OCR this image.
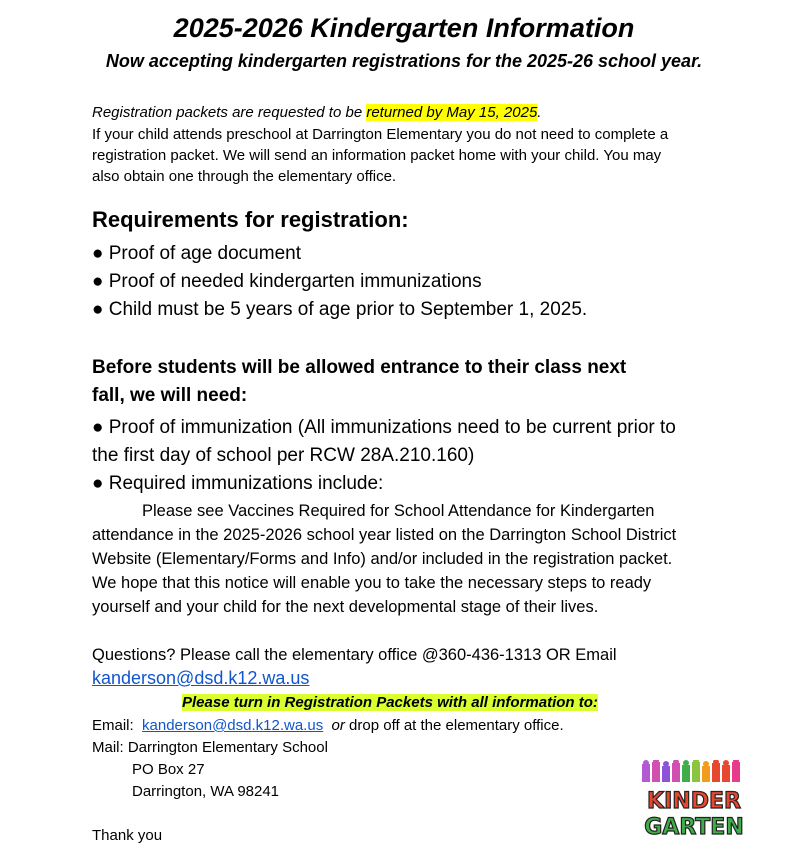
2025-2026 Kindergarten Information
Now accepting kindergarten registrations for the 2025-26 school year.
Registration packets are requested to be returned by May 15, 2025.
If your child attends preschool at Darrington Elementary you do not need to complete a
registration packet. We will send an information packet home with your child. You may
also obtain one through the elementary office.
Requirements for registration:
● Proof of age document
● Proof of needed kindergarten immunizations
● Child must be 5 years of age prior to September 1, 2025.
Before students will be allowed entrance to their class next
fall, we will need:
● Proof of immunization (All immunizations need to be current prior to
the first day of school per RCW 28A.210.160)
● Required immunizations include:
Please see Vaccines Required for School Attendance for Kindergarten
attendance in the 2025-2026 school year listed on the Darrington School District
Website (Elementary/Forms and Info) and/or included in the registration packet.
We hope that this notice will enable you to take the necessary steps to ready
yourself and your child for the next developmental stage of their lives.
Questions? Please call the elementary office @360-436-1313 OR Email
kanderson@dsd.k12.wa.us
Please turn in Registration Packets with all information to:
Email: kanderson@dsd.k12.wa.us or drop off at the elementary office.
Mail: Darrington Elementary School
PO Box 27
Darrington, WA 98241
Thank you
KINDER
GARTEN
